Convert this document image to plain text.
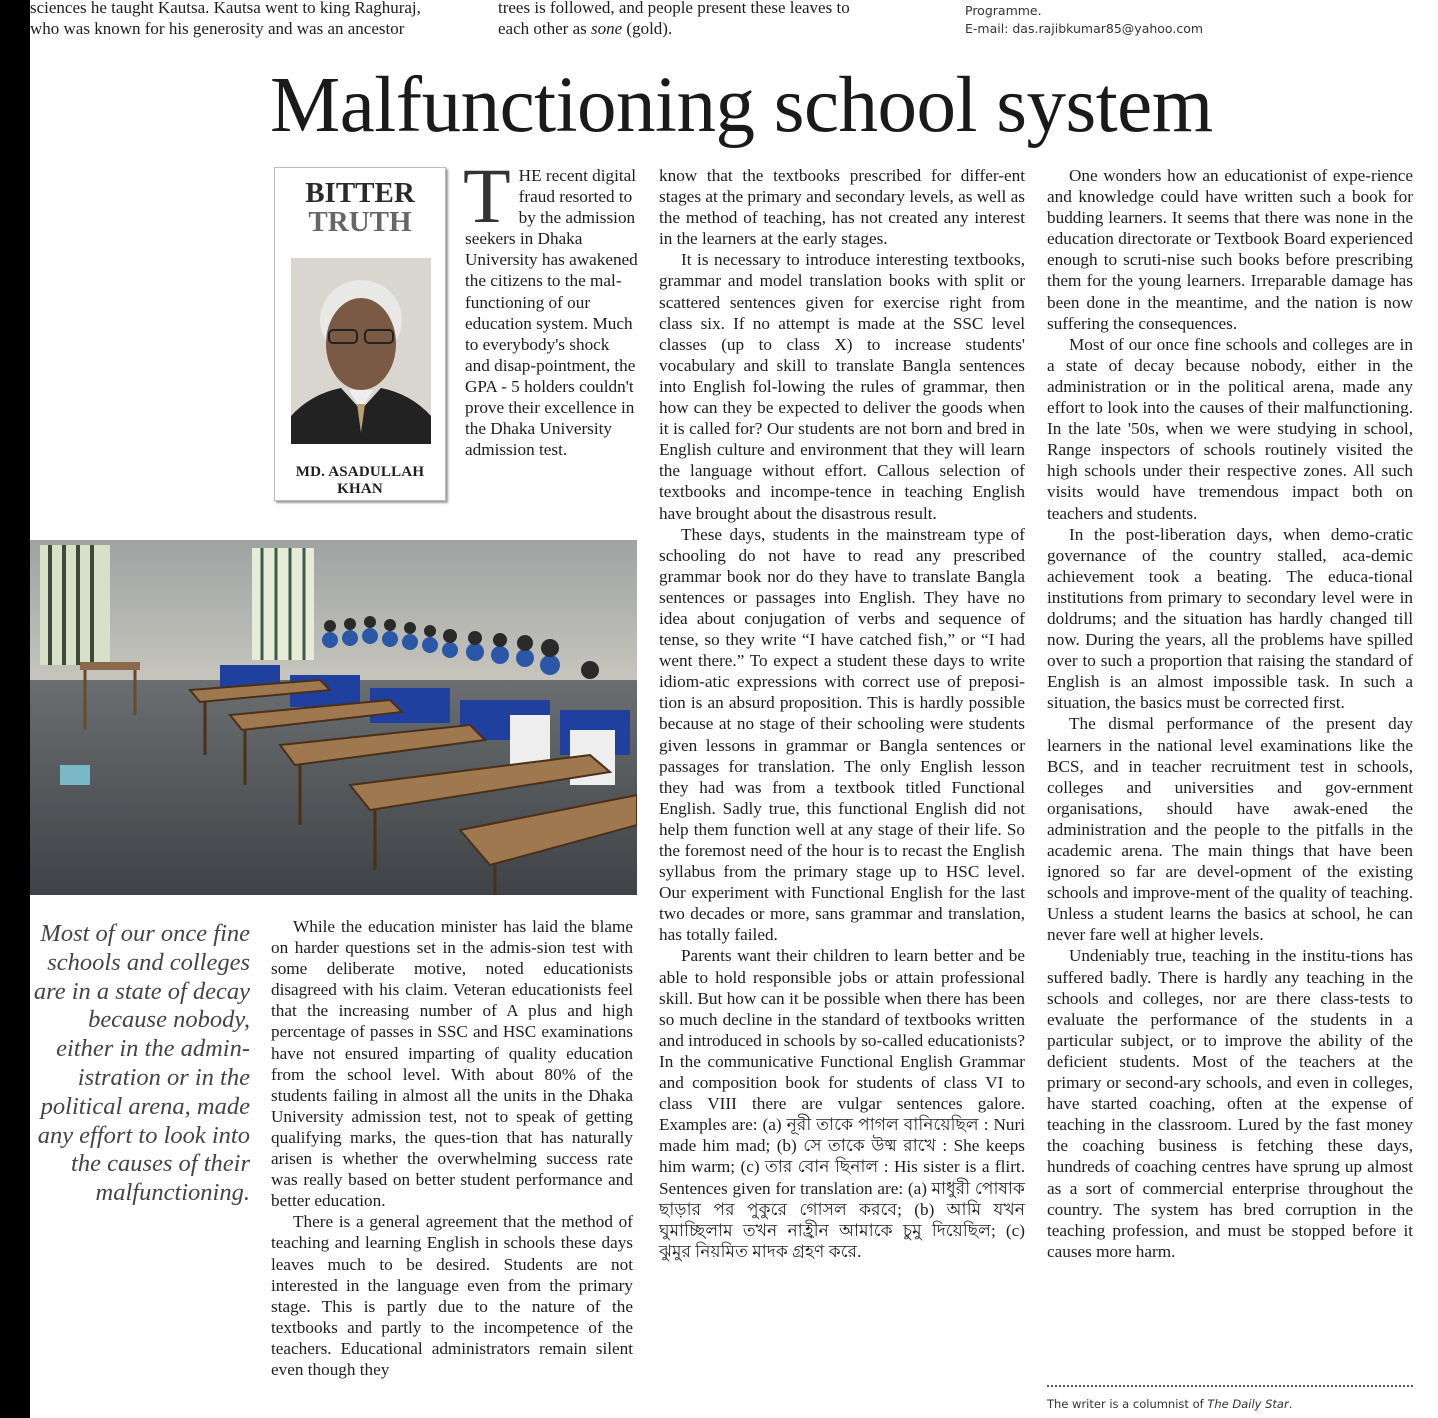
sciences he taught Kautsa. Kautsa went to king Raghuraj,

who was known for his generosity and was an ancestor

trees is followed, and people present these leaves to

each other as sone (gold).

Programme.

E-mail: das.rajibkumar85@yahoo.com

Malfunctioning school system
BITTER
TRUTH
MD. ASADULLAH KHAN

THE recent digital fraud resorted to by the admission seekers in Dhaka University has awakened the citizens to the mal-functioning of our education system. Much to everybody's shock and disap-pointment, the GPA - 5 holders couldn't prove their excellence in the Dhaka University admission test.

Most of our once fine schools and colleges are in a state of decay because nobody, either in the admin-istration or in the political arena, made any effort to look into the causes of their malfunctioning.

While the education minister has laid the blame on harder questions set in the admis-sion test with some deliberate motive, noted educationists disagreed with his claim. Veteran educationists feel that the increasing number of A plus and high percentage of passes in SSC and HSC examinations have not ensured imparting of quality education from the school level. With about 80% of the students failing in almost all the units in the Dhaka University admission test, not to speak of getting qualifying marks, the ques-tion that has naturally arisen is whether the overwhelming success rate was really based on better student performance and better education.

There is a general agreement that the method of teaching and learning English in schools these days leaves much to be desired. Students are not interested in the language even from the primary stage. This is partly due to the nature of the textbooks and partly to the incompetence of the teachers. Educational administrators remain silent even though they

know that the textbooks prescribed for differ-ent stages at the primary and secondary levels, as well as the method of teaching, has not created any interest in the learners at the early stages.

It is necessary to introduce interesting textbooks, grammar and model translation books with split or scattered sentences given for exercise right from class six. If no attempt is made at the SSC level classes (up to class X) to increase students' vocabulary and skill to translate Bangla sentences into English fol-lowing the rules of grammar, then how can they be expected to deliver the goods when it is called for? Our students are not born and bred in English culture and environment that they will learn the language without effort. Callous selection of textbooks and incompe-tence in teaching English have brought about the disastrous result.

These days, students in the mainstream type of schooling do not have to read any prescribed grammar book nor do they have to translate Bangla sentences or passages into English. They have no idea about conjugation of verbs and sequence of tense, so they write “I have catched fish,” or “I had went there.” To expect a student these days to write idiom-atic expressions with correct use of preposi-tion is an absurd proposition. This is hardly possible because at no stage of their schooling were students given lessons in grammar or Bangla sentences or passages for translation. The only English lesson they had was from a textbook titled Functional English. Sadly true, this functional English did not help them function well at any stage of their life. So the foremost need of the hour is to recast the English syllabus from the primary stage up to HSC level. Our experiment with Functional English for the last two decades or more, sans grammar and translation, has totally failed.

Parents want their children to learn better and be able to hold responsible jobs or attain professional skill. But how can it be possible when there has been so much decline in the standard of textbooks written and introduced in schools by so-called educationists? In the communicative Functional English Grammar and composition book for students of class VI to class VIII there are vulgar sentences galore. Examples are: (a) নূরী তাকে পাগল বানিয়েছিল : Nuri made him mad; (b) সে তাকে উষ্ম রাখে : She keeps him warm; (c) তার বোন ছিনাল : His sister is a flirt. Sentences given for translation are: (a) মাধুরী পোষাক ছাড়ার পর পুকুরে গোসল করবে; (b) আমি যখন ঘুমাচ্ছিলাম তখন নাহ্রীন আমাকে চুমু দিয়েছিল; (c) ঝুমুর নিয়মিত মাদক গ্রহণ করে.

One wonders how an educationist of expe-rience and knowledge could have written such a book for budding learners. It seems that there was none in the education directorate or Textbook Board experienced enough to scruti-nise such books before prescribing them for the young learners. Irreparable damage has been done in the meantime, and the nation is now suffering the consequences.

Most of our once fine schools and colleges are in a state of decay because nobody, either in the administration or in the political arena, made any effort to look into the causes of their malfunctioning. In the late '50s, when we were studying in school, Range inspectors of schools routinely visited the high schools under their respective zones. All such visits would have tremendous impact both on teachers and students.

In the post-liberation days, when demo-cratic governance of the country stalled, aca-demic achievement took a beating. The educa-tional institutions from primary to secondary level were in doldrums; and the situation has hardly changed till now. During the years, all the problems have spilled over to such a proportion that raising the standard of English is an almost impossible task. In such a situation, the basics must be corrected first.

The dismal performance of the present day learners in the national level examinations like the BCS, and in teacher recruitment test in schools, colleges and universities and gov-ernment organisations, should have awak-ened the administration and the people to the pitfalls in the academic arena. The main things that have been ignored so far are devel-opment of the existing schools and improve-ment of the quality of teaching. Unless a student learns the basics at school, he can never fare well at higher levels.

Undeniably true, teaching in the institu-tions has suffered badly. There is hardly any teaching in the schools and colleges, nor are there class-tests to evaluate the performance of the students in a particular subject, or to improve the ability of the deficient students. Most of the teachers at the primary or second-ary schools, and even in colleges, have started coaching, often at the expense of teaching in the classroom. Lured by the fast money the coaching business is fetching these days, hundreds of coaching centres have sprung up almost as a sort of commercial enterprise throughout the country. The system has bred corruption in the teaching profession, and must be stopped before it causes more harm.

The writer is a columnist of The Daily Star.
